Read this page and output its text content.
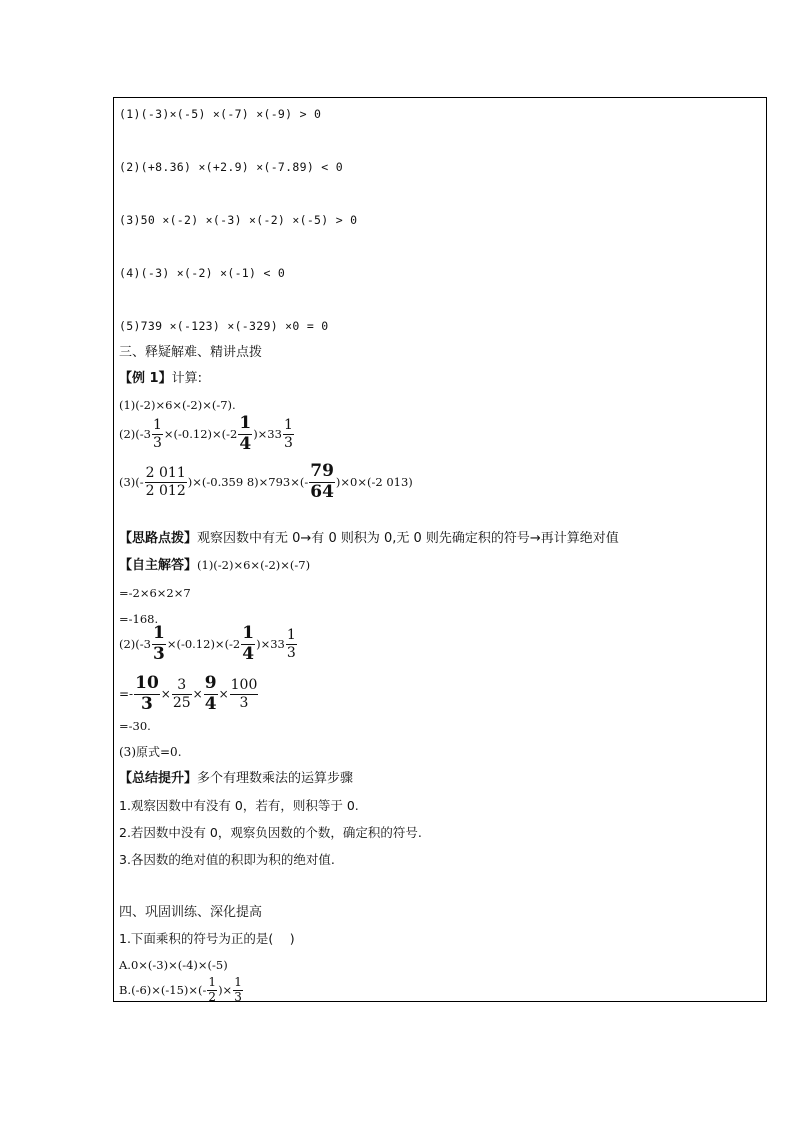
(1)(-3)×(-5) ×(-7) ×(-9) > 0
(2)(+8.36) ×(+2.9) ×(-7.89) < 0
(3)50 ×(-2) ×(-3) ×(-2) ×(-5) > 0
(4)(-3) ×(-2) ×(-1) < 0
(5)739 ×(-123) ×(-329) ×0 = 0
三、释疑解难、精讲点拨
【例 1】计算:
(1)(-2)×6×(-2)×(-7).
$(2)(-3 \frac{1}{3} \times(-0.12)\times(-2 \frac{1}{4} )\times 33 \frac{1}{3}$
$(3)(- \frac{2 011}{2 012} )\times(-0.359$ $8)\times 793\times(- \frac{79}{64} )\times 0\times(-2$ 013)
【思路点拨】观察因数中有无 0→有 0 则积为 0,无 0 则先确定积的符号→再计算绝对值
【自主解答】(1)(-2)×6×(-2)×(-7)
=-2×6×2×7
=-168.
$(2)(-3 \frac{1}{3} \times(-0.12)\times(-2 \frac{1}{4} )\times 33 \frac{1}{3}$
=- $\frac{10}{3} \times \frac{3}{25} \times \frac{9}{4} \times \frac{100}{3}$
=-30.
(3)原式=0.
【总结提升】多个有理数乘法的运算步骤
1.观察因数中有没有 0，若有，则积等于 0.
2.若因数中没有 0，观察负因数的个数，确定积的符号.
3.各因数的绝对值的积即为积的绝对值.
四、巩固训练、深化提高
1.下面乘积的符号为正的是(　 )
A.0×(-3)×(-4)×(-5)
$B.(-6)\times(-15)\times(- \frac{1}{2}$ )× $\frac{1}{3}$
